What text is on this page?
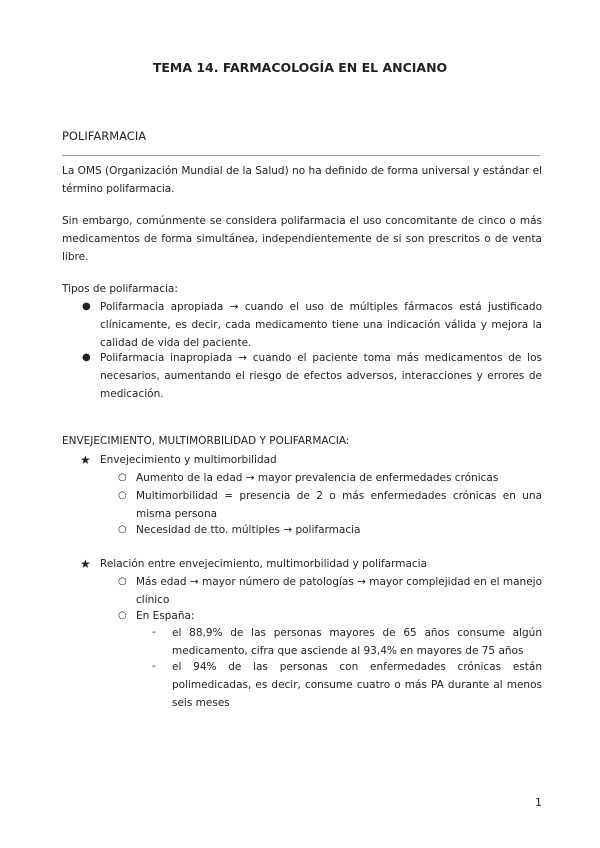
TEMA 14. FARMACOLOGÍA EN EL ANCIANO
POLIFARMACIA
La OMS (Organización Mundial de la Salud) no ha definido de forma universal y estándar el término polifarmacia.
Sin embargo, comúnmente se considera polifarmacia el uso concomitante de cinco o más medicamentos de forma simultánea, independientemente de si son prescritos o de venta libre.
Tipos de polifarmacia:
● Polifarmacia apropiada → cuando el uso de múltiples fármacos está justificado clínicamente, es decir, cada medicamento tiene una indicación válida y mejora la calidad de vida del paciente.
● Polifarmacia inapropiada → cuando el paciente toma más medicamentos de los necesarios, aumentando el riesgo de efectos adversos, interacciones y errores de medicación.
ENVEJECIMIENTO, MULTIMORBILIDAD Y POLIFARMACIA:
★ Envejecimiento y multimorbilidad
○ Aumento de la edad → mayor prevalencia de enfermedades crónicas
○ Multimorbilidad = presencia de 2 o más enfermedades crónicas en una misma persona
○ Necesidad de tto. múltiples → polifarmacia
★ Relación entre envejecimiento, multimorbilidad y polifarmacia
○ Más edad → mayor número de patologías → mayor complejidad en el manejo clínico
○ En España:
- el 88,9% de las personas mayores de 65 años consume algún medicamento, cifra que asciende al 93,4% en mayores de 75 años
- el 94% de las personas con enfermedades crónicas están polimedicadas, es decir, consume cuatro o más PA durante al menos seis meses
1
